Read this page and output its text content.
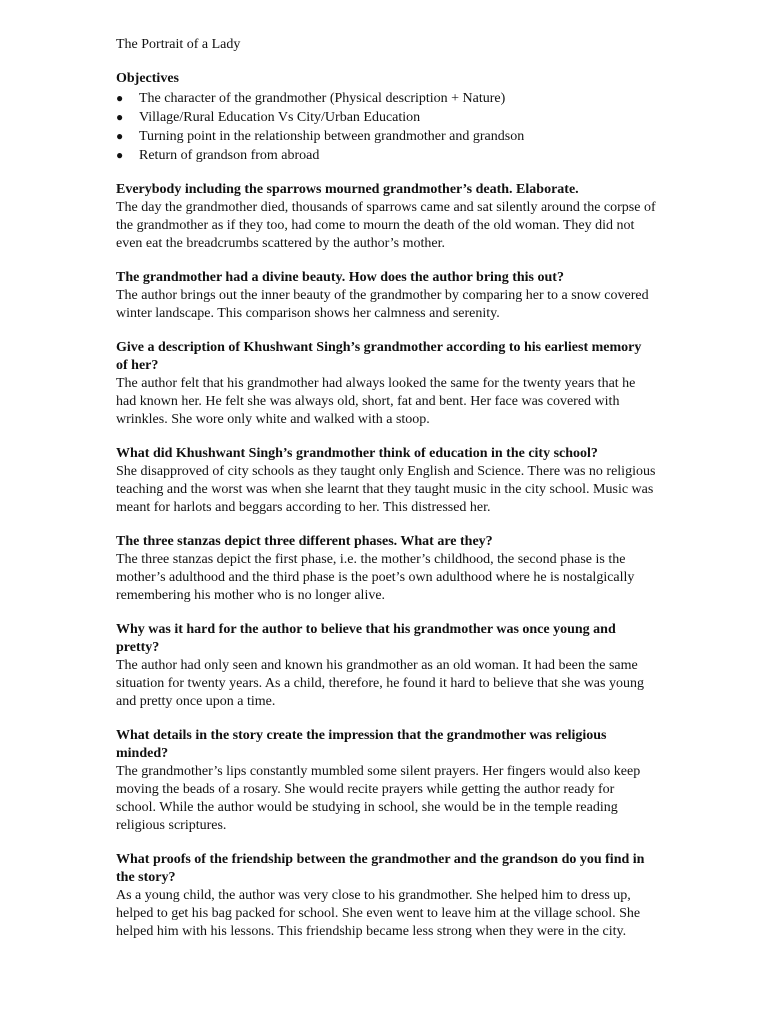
The Portrait of a Lady

Objectives

● The character of the grandmother (Physical description + Nature)
● Village/Rural Education Vs City/Urban Education
● Turning point in the relationship between grandmother and grandson
● Return of grandson from abroad

Everybody including the sparrows mourned grandmother’s death. Elaborate.

The day the grandmother died, thousands of sparrows came and sat silently around the corpse of the grandmother as if they too, had come to mourn the death of the old woman. They did not even eat the breadcrumbs scattered by the author’s mother.

The grandmother had a divine beauty. How does the author bring this out?

The author brings out the inner beauty of the grandmother by comparing her to a snow covered winter landscape. This comparison shows her calmness and serenity.

Give a description of Khushwant Singh’s grandmother according to his earliest memory of her?

The author felt that his grandmother had always looked the same for the twenty years that he had known her. He felt she was always old, short, fat and bent. Her face was covered with wrinkles. She wore only white and walked with a stoop.

What did Khushwant Singh’s grandmother think of education in the city school?

She disapproved of city schools as they taught only English and Science. There was no religious teaching and the worst was when she learnt that they taught music in the city school. Music was meant for harlots and beggars according to her. This distressed her.

The three stanzas depict three different phases. What are they?

The three stanzas depict the first phase, i.e. the mother’s childhood, the second phase is the mother’s adulthood and the third phase is the poet’s own adulthood where he is nostalgically remembering his mother who is no longer alive.

Why was it hard for the author to believe that his grandmother was once young and pretty?

The author had only seen and known his grandmother as an old woman. It had been the same situation for twenty years. As a child, therefore, he found it hard to believe that she was young and pretty once upon a time.

What details in the story create the impression that the grandmother was religious minded?

The grandmother’s lips constantly mumbled some silent prayers. Her fingers would also keep moving the beads of a rosary. She would recite prayers while getting the author ready for school. While the author would be studying in school, she would be in the temple reading religious scriptures.

What proofs of the friendship between the grandmother and the grandson do you find in the story?

As a young child, the author was very close to his grandmother. She helped him to dress up, helped to get his bag packed for school. She even went to leave him at the village school. She helped him with his lessons. This friendship became less strong when they were in the city.
